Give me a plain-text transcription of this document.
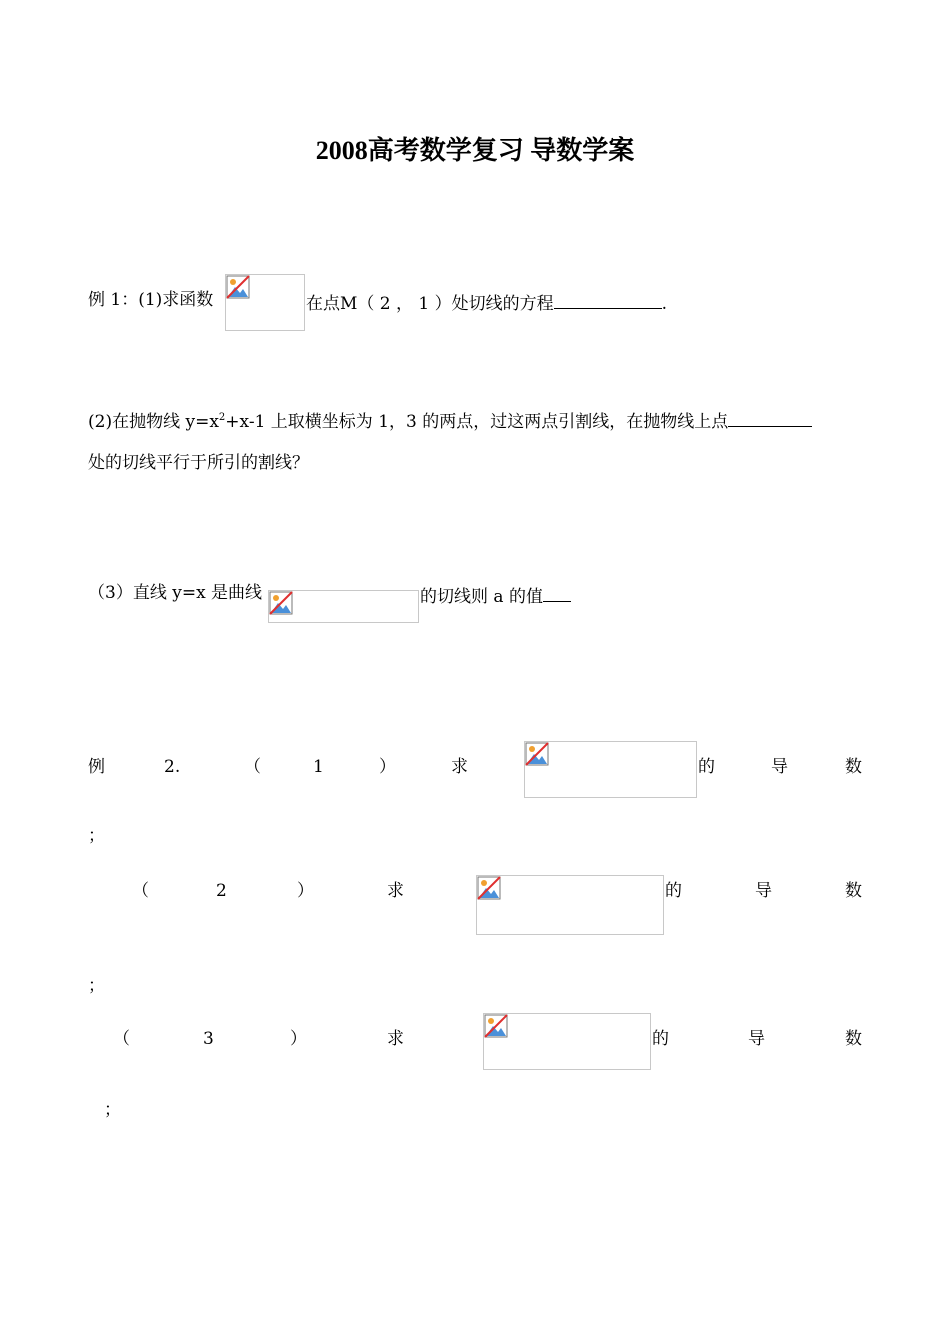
2008高考数学复习 导数学案
例 1：(1)求函数	在点M（ 2 ， 1 ）处切线的方程	.
(2)在抛物线 $y=x^2+x-1$ 上取横坐标为 1，3 的两点，过这两点引割线，在抛物线上点
处的切线平行于所引的割线？
（3）直线 y=x 是曲线	的切线则 a 的值
例	2.	（	1	）	求	的	导	数
；
（	2	）	求	的	导	数
；
（	3	）	求	的	导	数
；
